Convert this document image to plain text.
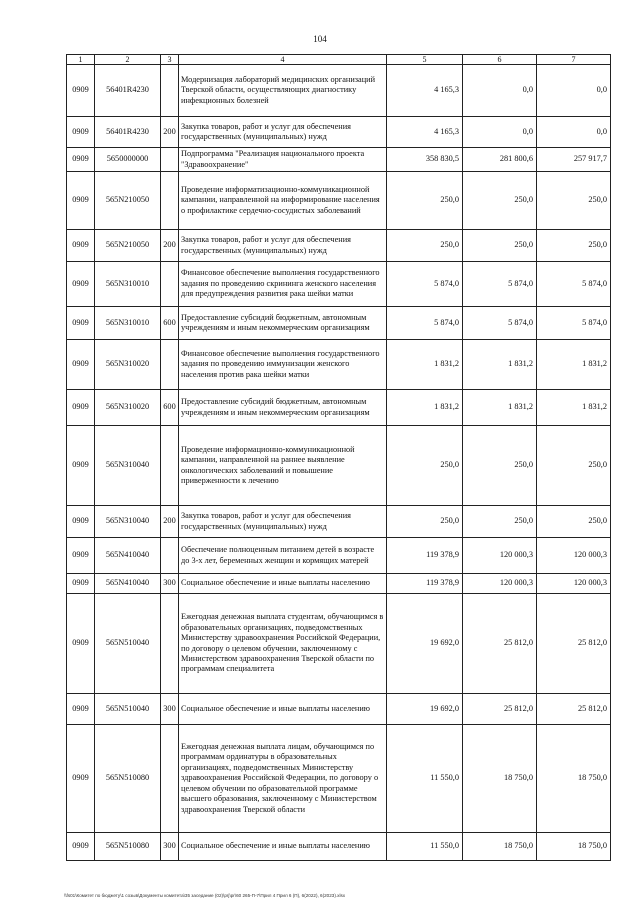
104
1	2	3	4	5	6	7
0909	56401R4230		Модернизация лабораторий медицинских организаций Тверской области, осуществляющих диагностику инфекционных болезней	4 165,3	0,0	0,0
0909	56401R4230	200	Закупка товаров, работ и услуг для обеспечения государственных (муниципальных) нужд	4 165,3	0,0	0,0
0909	5650000000		Подпрограмма "Реализация национального проекта "Здравоохранение"	358 830,5	281 800,6	257 917,7
0909	565N210050		Проведение информатизационно-коммуникационной кампании, направленной на информирование населения о профилактике сердечно-сосудистых заболеваний	250,0	250,0	250,0
0909	565N210050	200	Закупка товаров, работ и услуг для обеспечения государственных (муниципальных) нужд	250,0	250,0	250,0
0909	565N310010		Финансовое обеспечение выполнения государственного задания по проведению скрининга женского населения для предупреждения развития рака шейки матки	5 874,0	5 874,0	5 874,0
0909	565N310010	600	Предоставление субсидий бюджетным, автономным учреждениям и иным некоммерческим организациям	5 874,0	5 874,0	5 874,0
0909	565N310020		Финансовое обеспечение выполнения государственного задания по проведению иммунизации женского населения против рака шейки матки	1 831,2	1 831,2	1 831,2
0909	565N310020	600	Предоставление субсидий бюджетным, автономным учреждениям и иным некоммерческим организациям	1 831,2	1 831,2	1 831,2
0909	565N310040		Проведение информационно-коммуникационной кампании, направленной на раннее выявление онкологических заболеваний и повышение приверженности к лечению	250,0	250,0	250,0
0909	565N310040	200	Закупка товаров, работ и услуг для обеспечения государственных (муниципальных) нужд	250,0	250,0	250,0
0909	565N410040		Обеспечение полноценным питанием детей в возрасте до 3-х лет, беременных женщин и кормящих матерей	119 378,9	120 000,3	120 000,3
0909	565N410040	300	Социальное обеспечение и иные выплаты населению	119 378,9	120 000,3	120 000,3
0909	565N510040		Ежегодная денежная выплата студентам, обучающимся в образовательных организациях, подведомственных Министерству здравоохранения Российской Федерации, по договору о целевом обучении, заключенному с Министерством здравоохранения Тверской области по программам специалитета	19 692,0	25 812,0	25 812,0
0909	565N510040	300	Социальное обеспечение и иные выплаты населению	19 692,0	25 812,0	25 812,0
0909	565N510080		Ежегодная денежная выплата лицам, обучающимся по программам ординатуры в образовательных организациях, подведомственных Министерству здравоохранения Российской Федерации, по договору о целевом обучении по образовательной программе высшего образования, заключенному с Министерством здравоохранения Тверской области	11 550,0	18 750,0	18 750,0
0909	565N510080	300	Социальное обеспечение и иные выплаты населению	11 550,0	18 750,0	18 750,0
\\fs01\Комитет по бюджету\1 созыв\Документы комитета\35 заседание (02)\prj\pr\60 265-П-7\Прил 4 Прил 6 (П), 6(2022), 6(2023).xlsx
